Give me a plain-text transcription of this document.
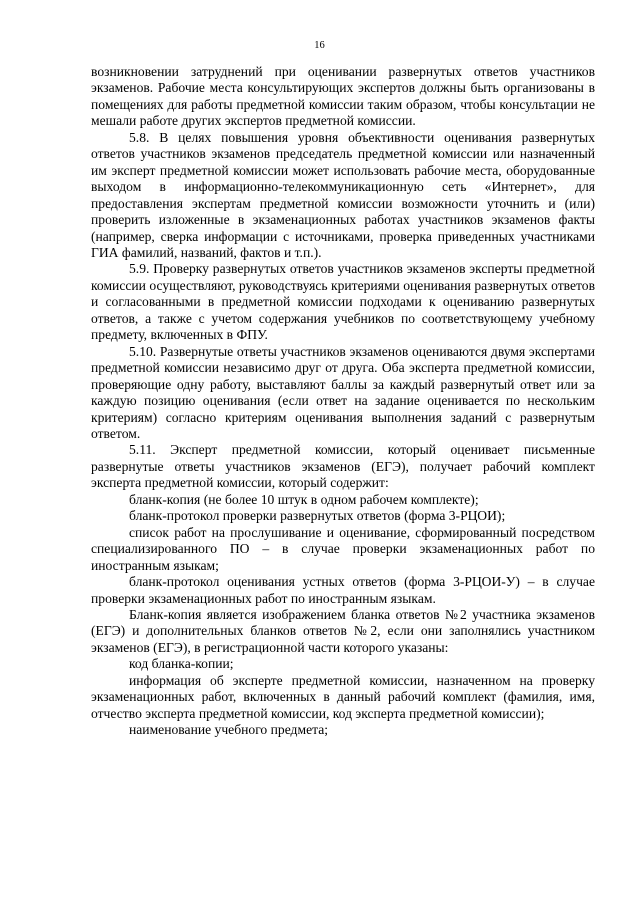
16

возникновении затруднений при оценивании развернутых ответов участников экзаменов. Рабочие места консультирующих экспертов должны быть организованы в помещениях для работы предметной комиссии таким образом, чтобы консультации не мешали работе других экспертов предметной комиссии.

5.8. В целях повышения уровня объективности оценивания развернутых ответов участников экзаменов председатель предметной комиссии или назначенный им эксперт предметной комиссии может использовать рабочие места, оборудованные выходом в информационно-телекоммуникационную сеть «Интернет», для предоставления экспертам предметной комиссии возможности уточнить и (или) проверить изложенные в экзаменационных работах участников экзаменов факты (например, сверка информации с источниками, проверка приведенных участниками ГИА фамилий, названий, фактов и т.п.).

5.9. Проверку развернутых ответов участников экзаменов эксперты предметной комиссии осуществляют, руководствуясь критериями оценивания развернутых ответов и согласованными в предметной комиссии подходами к оцениванию развернутых ответов, а также с учетом содержания учебников по соответствующему учебному предмету, включенных в ФПУ.

5.10. Развернутые ответы участников экзаменов оцениваются двумя экспертами предметной комиссии независимо друг от друга. Оба эксперта предметной комиссии, проверяющие одну работу, выставляют баллы за каждый развернутый ответ или за каждую позицию оценивания (если ответ на задание оценивается по нескольким критериям) согласно критериям оценивания выполнения заданий с развернутым ответом.

5.11. Эксперт предметной комиссии, который оценивает письменные развернутые ответы участников экзаменов (ЕГЭ), получает рабочий комплект эксперта предметной комиссии, который содержит:

бланк-копия (не более 10 штук в одном рабочем комплекте);

бланк-протокол проверки развернутых ответов (форма 3-РЦОИ);

список работ на прослушивание и оценивание, сформированный посредством специализированного ПО – в случае проверки экзаменационных работ по иностранным языкам;

бланк-протокол оценивания устных ответов (форма 3-РЦОИ-У) – в случае проверки экзаменационных работ по иностранным языкам.

Бланк-копия является изображением бланка ответов №2 участника экзаменов (ЕГЭ) и дополнительных бланков ответов №2, если они заполнялись участником экзаменов (ЕГЭ), в регистрационной части которого указаны:

код бланка-копии;

информация об эксперте предметной комиссии, назначенном на проверку экзаменационных работ, включенных в данный рабочий комплект (фамилия, имя, отчество эксперта предметной комиссии, код эксперта предметной комиссии);

наименование учебного предмета;
